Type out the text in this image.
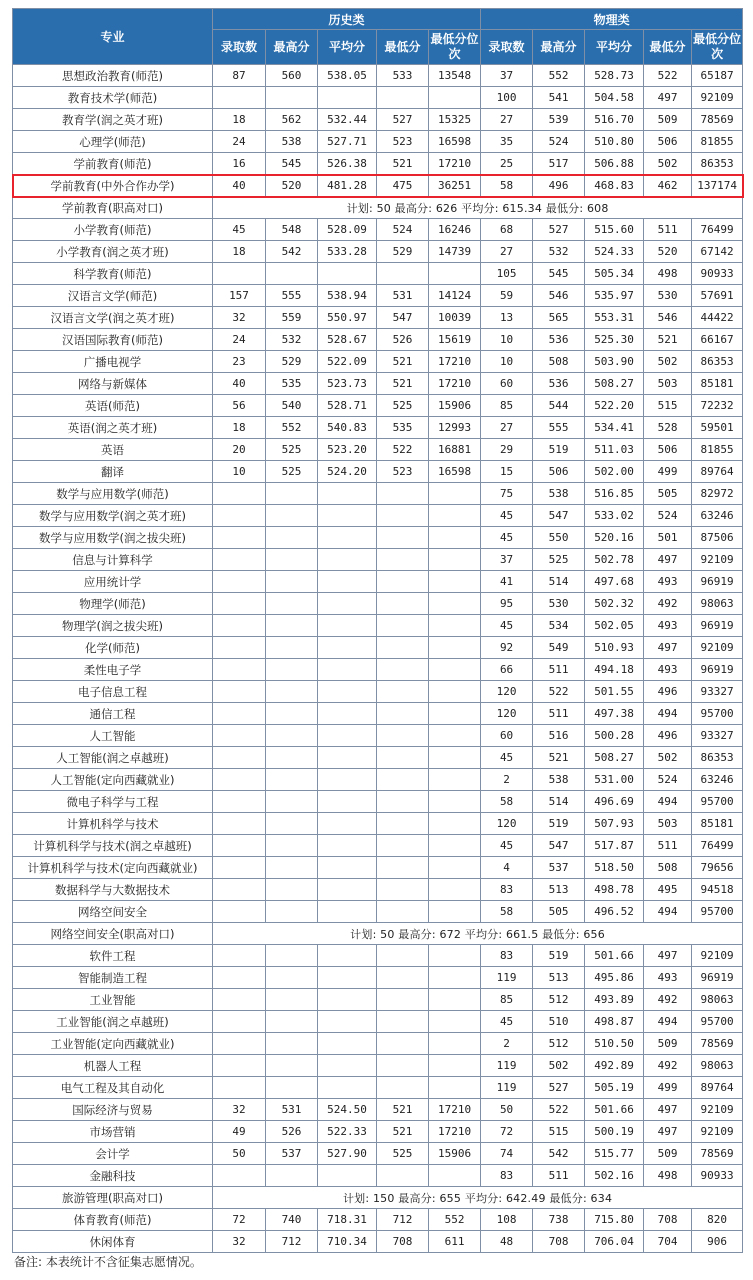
专业	历史类					物理类				
	录取数	最高分	平均分	最低分	最低分位次	录取数	最高分	平均分	最低分	最低分位次
思想政治教育(师范)	87	560	538.05	533	13548	37	552	528.73	522	65187
教育技术学(师范)						100	541	504.58	497	92109
教育学(润之英才班)	18	562	532.44	527	15325	27	539	516.70	509	78569
心理学(师范)	24	538	527.71	523	16598	35	524	510.80	506	81855
学前教育(师范)	16	545	526.38	521	17210	25	517	506.88	502	86353
学前教育(中外合作办学)	40	520	481.28	475	36251	58	496	468.83	462	137174
学前教育(职高对口)	计划: 50 最高分: 626 平均分: 615.34 最低分: 608									
小学教育(师范)	45	548	528.09	524	16246	68	527	515.60	511	76499
小学教育(润之英才班)	18	542	533.28	529	14739	27	532	524.33	520	67142
科学教育(师范)						105	545	505.34	498	90933
汉语言文学(师范)	157	555	538.94	531	14124	59	546	535.97	530	57691
汉语言文学(润之英才班)	32	559	550.97	547	10039	13	565	553.31	546	44422
汉语国际教育(师范)	24	532	528.67	526	15619	10	536	525.30	521	66167
广播电视学	23	529	522.09	521	17210	10	508	503.90	502	86353
网络与新媒体	40	535	523.73	521	17210	60	536	508.27	503	85181
英语(师范)	56	540	528.71	525	15906	85	544	522.20	515	72232
英语(润之英才班)	18	552	540.83	535	12993	27	555	534.41	528	59501
英语	20	525	523.20	522	16881	29	519	511.03	506	81855
翻译	10	525	524.20	523	16598	15	506	502.00	499	89764
数学与应用数学(师范)						75	538	516.85	505	82972
数学与应用数学(润之英才班)						45	547	533.02	524	63246
数学与应用数学(润之拔尖班)						45	550	520.16	501	87506
信息与计算科学						37	525	502.78	497	92109
应用统计学						41	514	497.68	493	96919
物理学(师范)						95	530	502.32	492	98063
物理学(润之拔尖班)						45	534	502.05	493	96919
化学(师范)						92	549	510.93	497	92109
柔性电子学						66	511	494.18	493	96919
电子信息工程						120	522	501.55	496	93327
通信工程						120	511	497.38	494	95700
人工智能						60	516	500.28	496	93327
人工智能(润之卓越班)						45	521	508.27	502	86353
人工智能(定向西藏就业)						2	538	531.00	524	63246
微电子科学与工程						58	514	496.69	494	95700
计算机科学与技术						120	519	507.93	503	85181
计算机科学与技术(润之卓越班)						45	547	517.87	511	76499
计算机科学与技术(定向西藏就业)						4	537	518.50	508	79656
数据科学与大数据技术						83	513	498.78	495	94518
网络空间安全						58	505	496.52	494	95700
网络空间安全(职高对口)	计划: 50 最高分: 672 平均分: 661.5 最低分: 656									
软件工程						83	519	501.66	497	92109
智能制造工程						119	513	495.86	493	96919
工业智能						85	512	493.89	492	98063
工业智能(润之卓越班)						45	510	498.87	494	95700
工业智能(定向西藏就业)						2	512	510.50	509	78569
机器人工程						119	502	492.89	492	98063
电气工程及其自动化						119	527	505.19	499	89764
国际经济与贸易	32	531	524.50	521	17210	50	522	501.66	497	92109
市场营销	49	526	522.33	521	17210	72	515	500.19	497	92109
会计学	50	537	527.90	525	15906	74	542	515.77	509	78569
金融科技						83	511	502.16	498	90933
旅游管理(职高对口)	计划: 150 最高分: 655 平均分: 642.49 最低分: 634									
体育教育(师范)	72	740	718.31	712	552	108	738	715.80	708	820
休闲体育	32	712	710.34	708	611	48	708	706.04	704	906
备注: 本表统计不含征集志愿情况。
